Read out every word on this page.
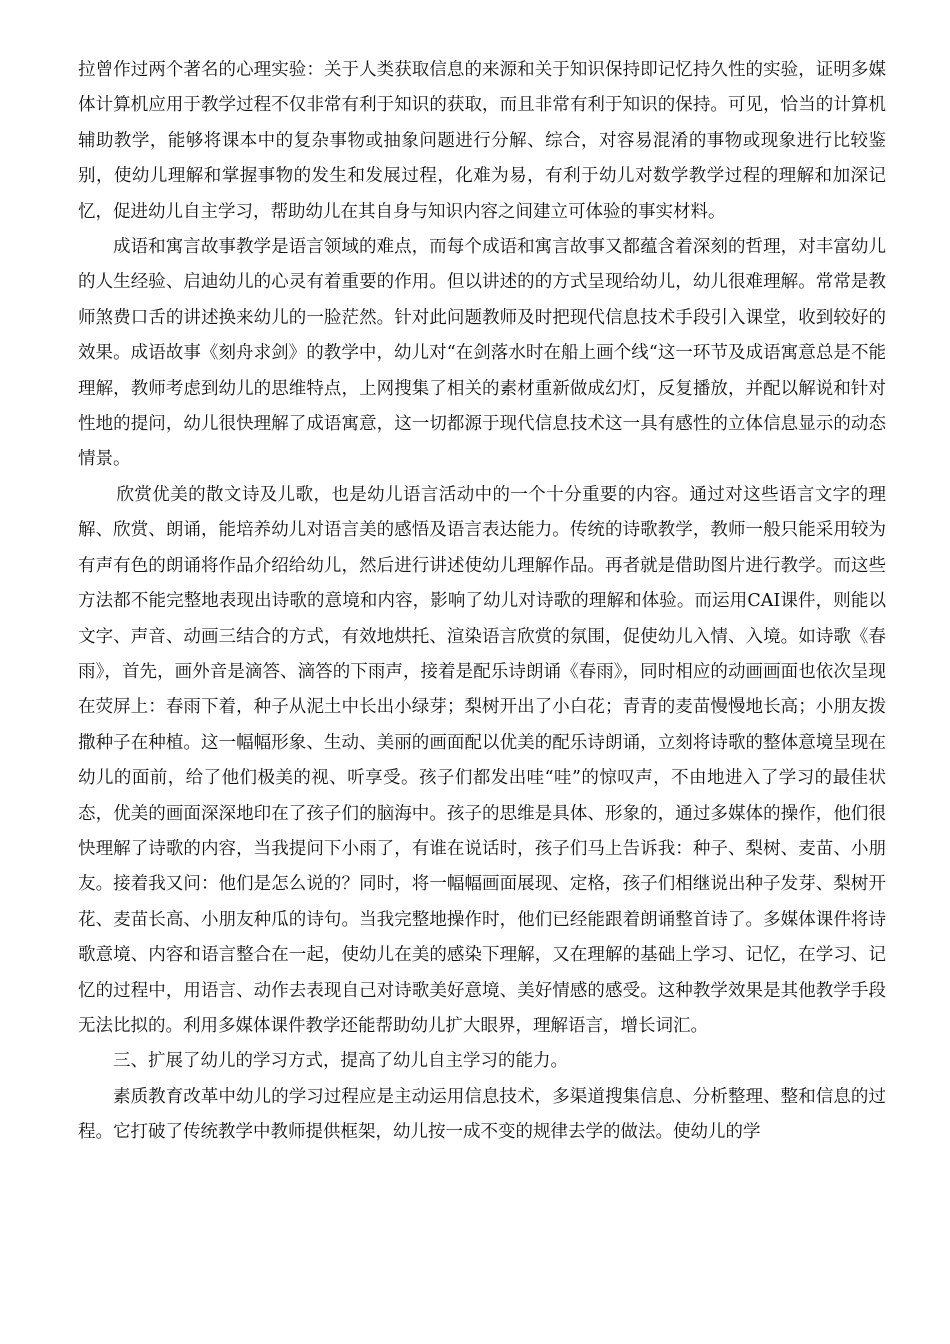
拉曾作过两个著名的心理实验：关于人类获取信息的来源和关于知识保持即记忆持久性的实验，证明多媒体计算机应用于教学过程不仅非常有利于知识的获取，而且非常有利于知识的保持。可见，恰当的计算机辅助教学，能够将课本中的复杂事物或抽象问题进行分解、综合，对容易混淆的事物或现象进行比较鉴别，使幼儿理解和掌握事物的发生和发展过程，化难为易，有利于幼儿对数学教学过程的理解和加深记忆，促进幼儿自主学习，帮助幼儿在其自身与知识内容之间建立可体验的事实材料。

成语和寓言故事教学是语言领域的难点，而每个成语和寓言故事又都蕴含着深刻的哲理，对丰富幼儿的人生经验、启迪幼儿的心灵有着重要的作用。但以讲述的的方式呈现给幼儿，幼儿很难理解。常常是教师煞费口舌的讲述换来幼儿的一脸茫然。针对此问题教师及时把现代信息技术手段引入课堂，收到较好的效果。成语故事《刻舟求剑》的教学中，幼儿对“在剑落水时在船上画个线“这一环节及成语寓意总是不能理解，教师考虑到幼儿的思维特点，上网搜集了相关的素材重新做成幻灯，反复播放，并配以解说和针对性地的提问，幼儿很快理解了成语寓意，这一切都源于现代信息技术这一具有感性的立体信息显示的动态情景。

欣赏优美的散文诗及儿歌，也是幼儿语言活动中的一个十分重要的内容。通过对这些语言文字的理解、欣赏、朗诵，能培养幼儿对语言美的感悟及语言表达能力。传统的诗歌教学，教师一般只能采用较为有声有色的朗诵将作品介绍给幼儿，然后进行讲述使幼儿理解作品。再者就是借助图片进行教学。而这些方法都不能完整地表现出诗歌的意境和内容，影响了幼儿对诗歌的理解和体验。而运用CAI课件，则能以文字、声音、动画三结合的方式，有效地烘托、渲染语言欣赏的氛围，促使幼儿入情、入境。如诗歌《春雨》，首先，画外音是滴答、滴答的下雨声，接着是配乐诗朗诵《春雨》，同时相应的动画画面也依次呈现在荧屏上：春雨下着，种子从泥土中长出小绿芽；梨树开出了小白花；青青的麦苗慢慢地长高；小朋友拨撒种子在种植。这一幅幅形象、生动、美丽的画面配以优美的配乐诗朗诵，立刻将诗歌的整体意境呈现在幼儿的面前，给了他们极美的视、听享受。孩子们都发出哇“哇”的惊叹声，不由地进入了学习的最佳状态，优美的画面深深地印在了孩子们的脑海中。孩子的思维是具体、形象的，通过多媒体的操作，他们很快理解了诗歌的内容，当我提问下小雨了，有谁在说话时，孩子们马上告诉我：种子、梨树、麦苗、小朋友。接着我又问：他们是怎么说的？同时，将一幅幅画面展现、定格，孩子们相继说出种子发芽、梨树开花、麦苗长高、小朋友种瓜的诗句。当我完整地操作时，他们已经能跟着朗诵整首诗了。多媒体课件将诗歌意境、内容和语言整合在一起，使幼儿在美的感染下理解，又在理解的基础上学习、记忆，在学习、记忆的过程中，用语言、动作去表现自己对诗歌美好意境、美好情感的感受。这种教学效果是其他教学手段无法比拟的。利用多媒体课件教学还能帮助幼儿扩大眼界，理解语言，增长词汇。

三、扩展了幼儿的学习方式，提高了幼儿自主学习的能力。

素质教育改革中幼儿的学习过程应是主动运用信息技术，多渠道搜集信息、分析整理、整和信息的过程。它打破了传统教学中教师提供框架，幼儿按一成不变的规律去学的做法。使幼儿的学
